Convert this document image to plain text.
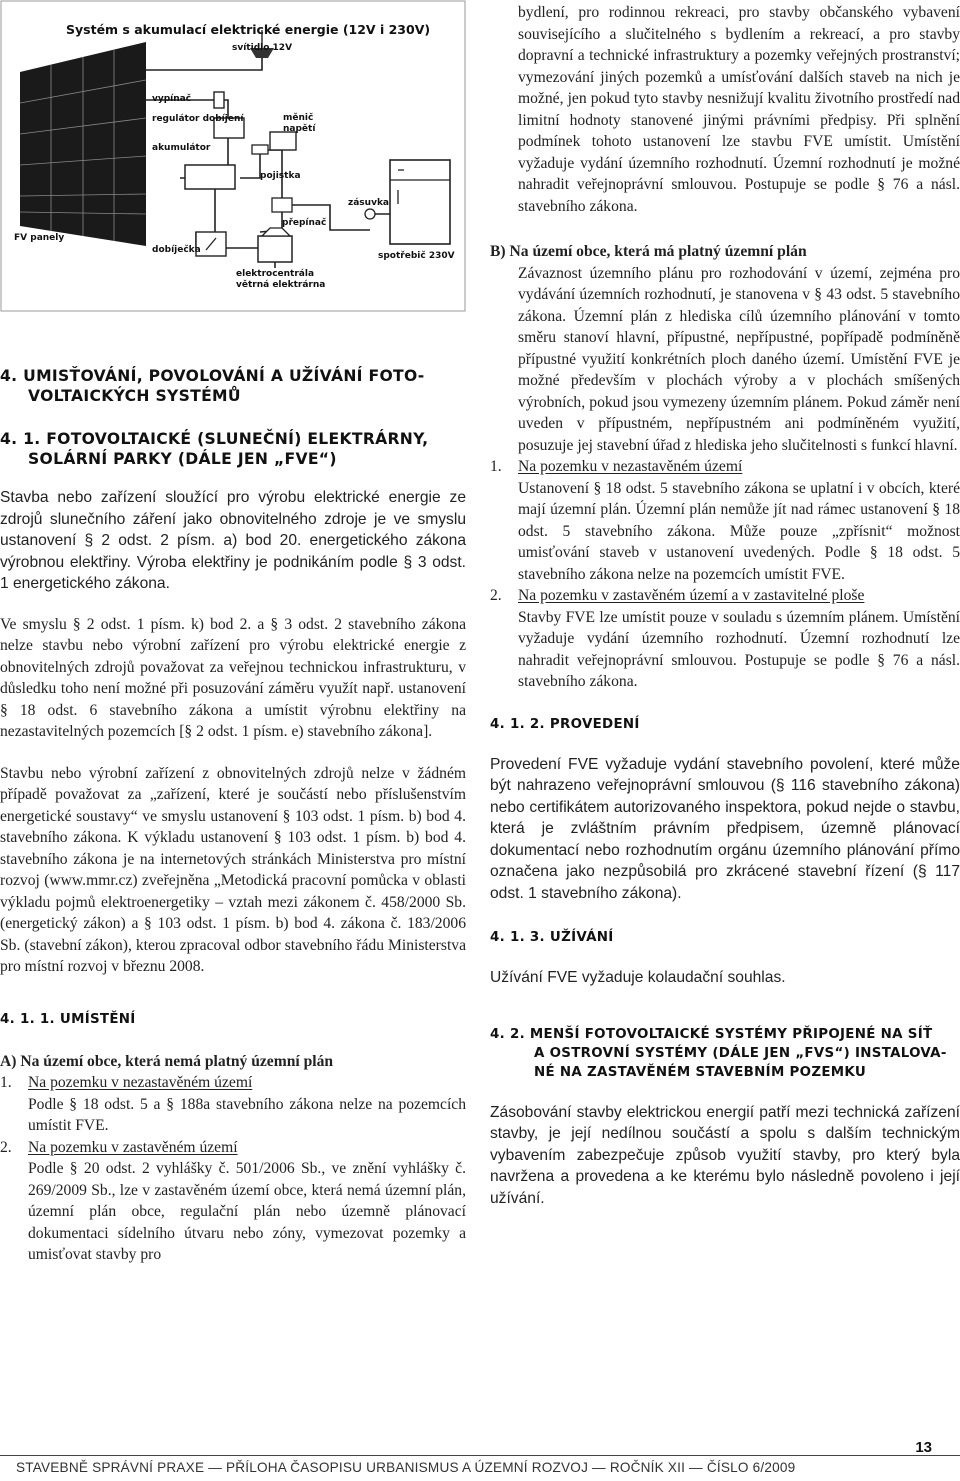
Systém s akumulací elektrické energie (12V i 230V)
svítidlo 12V
vypínač
regulátor dobíjení
akumulátor
FV panely
pojistka
měnič
napětí
přepínač
zásuvka
spotřebič 230V
dobíječka
elektrocentrála
větrná elektrárna
4. UMISŤOVÁNÍ, POVOLOVÁNÍ A UŽÍVÁNÍ FOTO-
VOLTAICKÝCH SYSTÉMŮ
4. 1. FOTOVOLTAICKÉ (SLUNEČNÍ) ELEKTRÁRNY,
SOLÁRNÍ PARKY (DÁLE JEN „FVE“)

Stavba nebo zařízení sloužící pro výrobu elektrické energie ze zdrojů slunečního záření jako obnovitelného zdroje je ve smyslu ustanovení § 2 odst. 2 písm. a) bod 20. energetického zákona výrobnou elektřiny. Výroba elektřiny je podnikáním podle § 3 odst. 1 energetického zákona.

Ve smyslu § 2 odst. 1 písm. k) bod 2. a § 3 odst. 2 stavebního zákona nelze stavbu nebo výrobní zařízení pro výrobu elektrické energie z obnovitelných zdrojů považovat za veřejnou technickou infrastrukturu, v důsledku toho není možné při posuzování záměru využít např. ustanovení § 18 odst. 6 stavebního zákona a umístit výrobnu elektřiny na nezastavitelných pozemcích [§ 2 odst. 1 písm. e) stavebního zákona].

Stavbu nebo výrobní zařízení z obnovitelných zdrojů nelze v žádném případě považovat za „zařízení, které je součástí nebo příslušenstvím energetické soustavy“ ve smyslu ustanovení § 103 odst. 1 písm. b) bod 4. stavebního zákona. K výkladu ustanovení § 103 odst. 1 písm. b) bod 4. stavebního zákona je na internetových stránkách Ministerstva pro místní rozvoj (www.mmr.cz) zveřejněna „Metodická pracovní pomůcka v oblasti výkladu pojmů elektroenergetiky – vztah mezi zákonem č. 458/2000 Sb. (energetický zákon) a § 103 odst. 1 písm. b) bod 4. zákona č. 183/2006 Sb. (stavební zákon), kterou zpracoval odbor stavebního řádu Ministerstva pro místní rozvoj v březnu 2008.

4. 1. 1. UMÍSTĚNÍ

A) Na území obce, která nemá platný územní plán

1. Na pozemku v nezastavěném území

Podle § 18 odst. 5 a § 188a stavebního zákona nelze na pozemcích umístit FVE.

2. Na pozemku v zastavěném území

Podle § 20 odst. 2 vyhlášky č. 501/2006 Sb., ve znění vyhlášky č. 269/2009 Sb., lze v zastavěném území obce, která nemá územní plán, územní plán obce, regulační plán nebo územně plánovací dokumentaci sídelního útvaru nebo zóny, vymezovat pozemky a umisťovat stavby pro

bydlení, pro rodinnou rekreaci, pro stavby občanského vybavení souvisejícího a slučitelného s bydlením a rekreací, a pro stavby dopravní a technické infrastruktury a pozemky veřejných prostranství; vymezování jiných pozemků a umísťování dalších staveb na nich je možné, jen pokud tyto stavby nesnižují kvalitu životního prostředí nad limitní hodnoty stanovené jinými právními předpisy. Při splnění podmínek tohoto ustanovení lze stavbu FVE umístit. Umístění vyžaduje vydání územního rozhodnutí. Územní rozhodnutí je možné nahradit veřejnoprávní smlouvou. Postupuje se podle § 76 a násl. stavebního zákona.

B) Na území obce, která má platný územní plán

Závaznost územního plánu pro rozhodování v území, zejména pro vydávání územních rozhodnutí, je stanovena v § 43 odst. 5 stavebního zákona. Územní plán z hlediska cílů územního plánování v tomto směru stanoví hlavní, přípustné, nepřípustné, popřípadě podmíněně přípustné využití konkrétních ploch daného území. Umístění FVE je možné především v plochách výroby a v plochách smíšených výrobních, pokud jsou vymezeny územním plánem. Pokud záměr není uveden v přípustném, nepřípustném ani podmíněném využití, posuzuje jej stavební úřad z hlediska jeho slučitelnosti s funkcí hlavní.

1. Na pozemku v nezastavěném území

Ustanovení § 18 odst. 5 stavebního zákona se uplatní i v obcích, které mají územní plán. Územní plán nemůže jít nad rámec ustanovení § 18 odst. 5 stavebního zákona. Může pouze „zpřísnit“ možnost umisťování staveb v ustanovení uvedených. Podle § 18 odst. 5 stavebního zákona nelze na pozemcích umístit FVE.

2. Na pozemku v zastavěném území a v zastavitelné ploše

Stavby FVE lze umístit pouze v souladu s územním plánem. Umístění vyžaduje vydání územního rozhodnutí. Územní rozhodnutí lze nahradit veřejnoprávní smlouvou. Postupuje se podle § 76 a násl. stavebního zákona.

4. 1. 2. PROVEDENÍ

Provedení FVE vyžaduje vydání stavebního povolení, které může být nahrazeno veřejnoprávní smlouvou (§ 116 stavebního zákona) nebo certifikátem autorizovaného inspektora, pokud nejde o stavbu, která je zvláštním právním předpisem, územně plánovací dokumentací nebo rozhodnutím orgánu územního plánování přímo označena jako nezpůsobilá pro zkrácené stavební řízení (§ 117 odst. 1 stavebního zákona).

4. 1. 3. UŽÍVÁNÍ

Užívání FVE vyžaduje kolaudační souhlas.

4. 2. MENŠÍ FOTOVOLTAICKÉ SYSTÉMY PŘIPOJENÉ NA SÍŤ
A OSTROVNÍ SYSTÉMY (DÁLE JEN „FVS“) INSTALOVA-
NÉ NA ZASTAVĚNÉM STAVEBNÍM POZEMKU

Zásobování stavby elektrickou energií patří mezi technická zařízení stavby, je její nedílnou součástí a spolu s dalším technickým vybavením zabezpečuje způsob využití stavby, pro který byla navržena a provedena a ke kterému bylo následně povoleno i její užívání.

13
STAVEBNĚ SPRÁVNÍ PRAXE — PŘÍLOHA ČASOPISU URBANISMUS A ÚZEMNÍ ROZVOJ — ROČNÍK XII — ČÍSLO 6/2009
